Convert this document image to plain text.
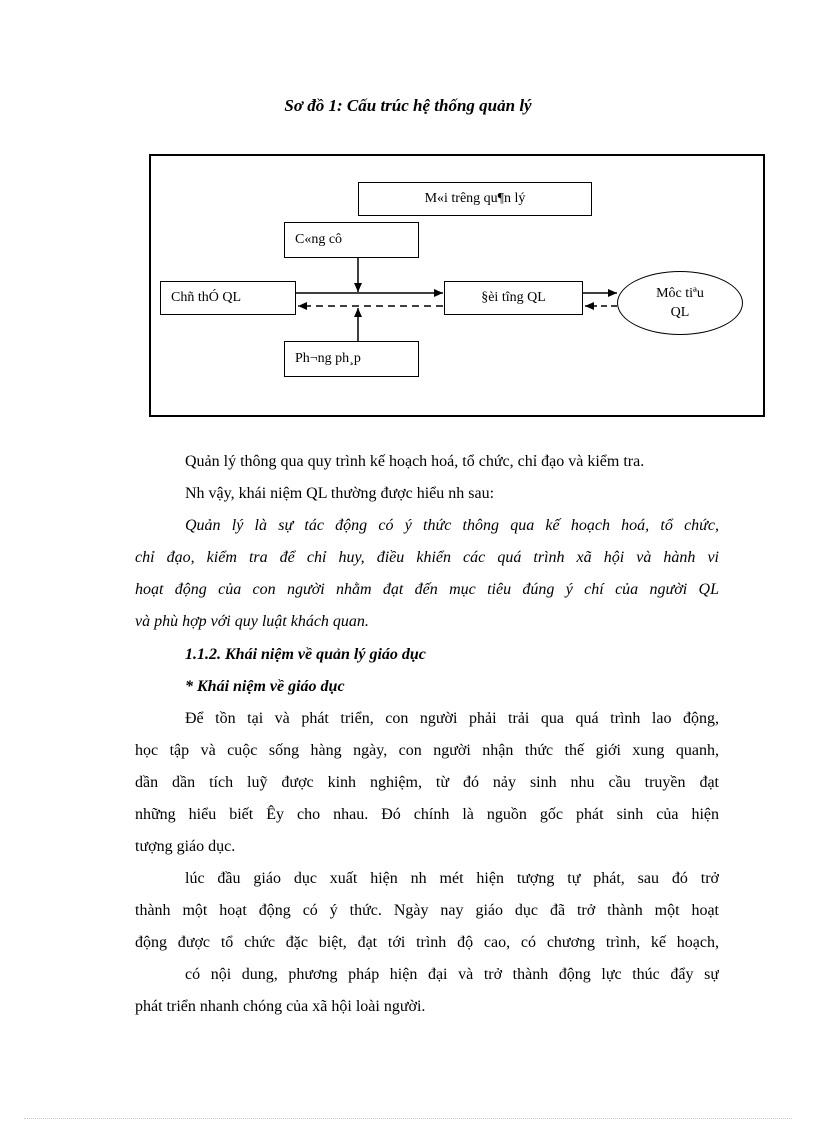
Sơ đồ 1: Cấu trúc hệ thống quản lý
M«i trêng qu¶n lý
C«ng cô
Chñ thÓ QL	§èi tîng QL
Ph¬ng ph¸p
Môc tiªu
QL
Quản lý thông qua quy trình kế hoạch hoá, tổ chức, chỉ đạo và kiểm tra.
Nh vậy, khái niệm QL thường được hiểu nh sau:
Quản lý là sự tác động có ý thức thông qua kế hoạch hoá, tổ chức,
chỉ đạo, kiểm tra để chỉ huy, điều khiển các quá trình xã hội và hành vi
hoạt động của con người nhằm đạt đến mục tiêu đúng ý chí của người QL
và phù hợp với quy luật khách quan.
1.1.2. Khái niệm về quản lý giáo dục
* Khái niệm về giáo dục
Để tồn tại và phát triển, con người phải trải qua quá trình lao động,
học tập và cuộc sống hàng ngày, con người nhận thức thế giới xung quanh,
dần dần tích luỹ được kinh nghiệm, từ đó nảy sinh nhu cầu truyền đạt
những hiểu biết Êy cho nhau. Đó chính là nguồn gốc phát sinh của hiện
tượng giáo dục.
lúc đầu giáo dục xuất hiện nh mét hiện tượng tự phát, sau đó trở
thành một hoạt động có ý thức. Ngày nay giáo dục đã trở thành một hoạt
động được tổ chức đặc biệt, đạt tới trình độ cao, có chương trình, kế hoạch,
có nội dung, phương pháp hiện đại và trở thành động lực thúc đẩy sự
phát triển nhanh chóng của xã hội loài người.
